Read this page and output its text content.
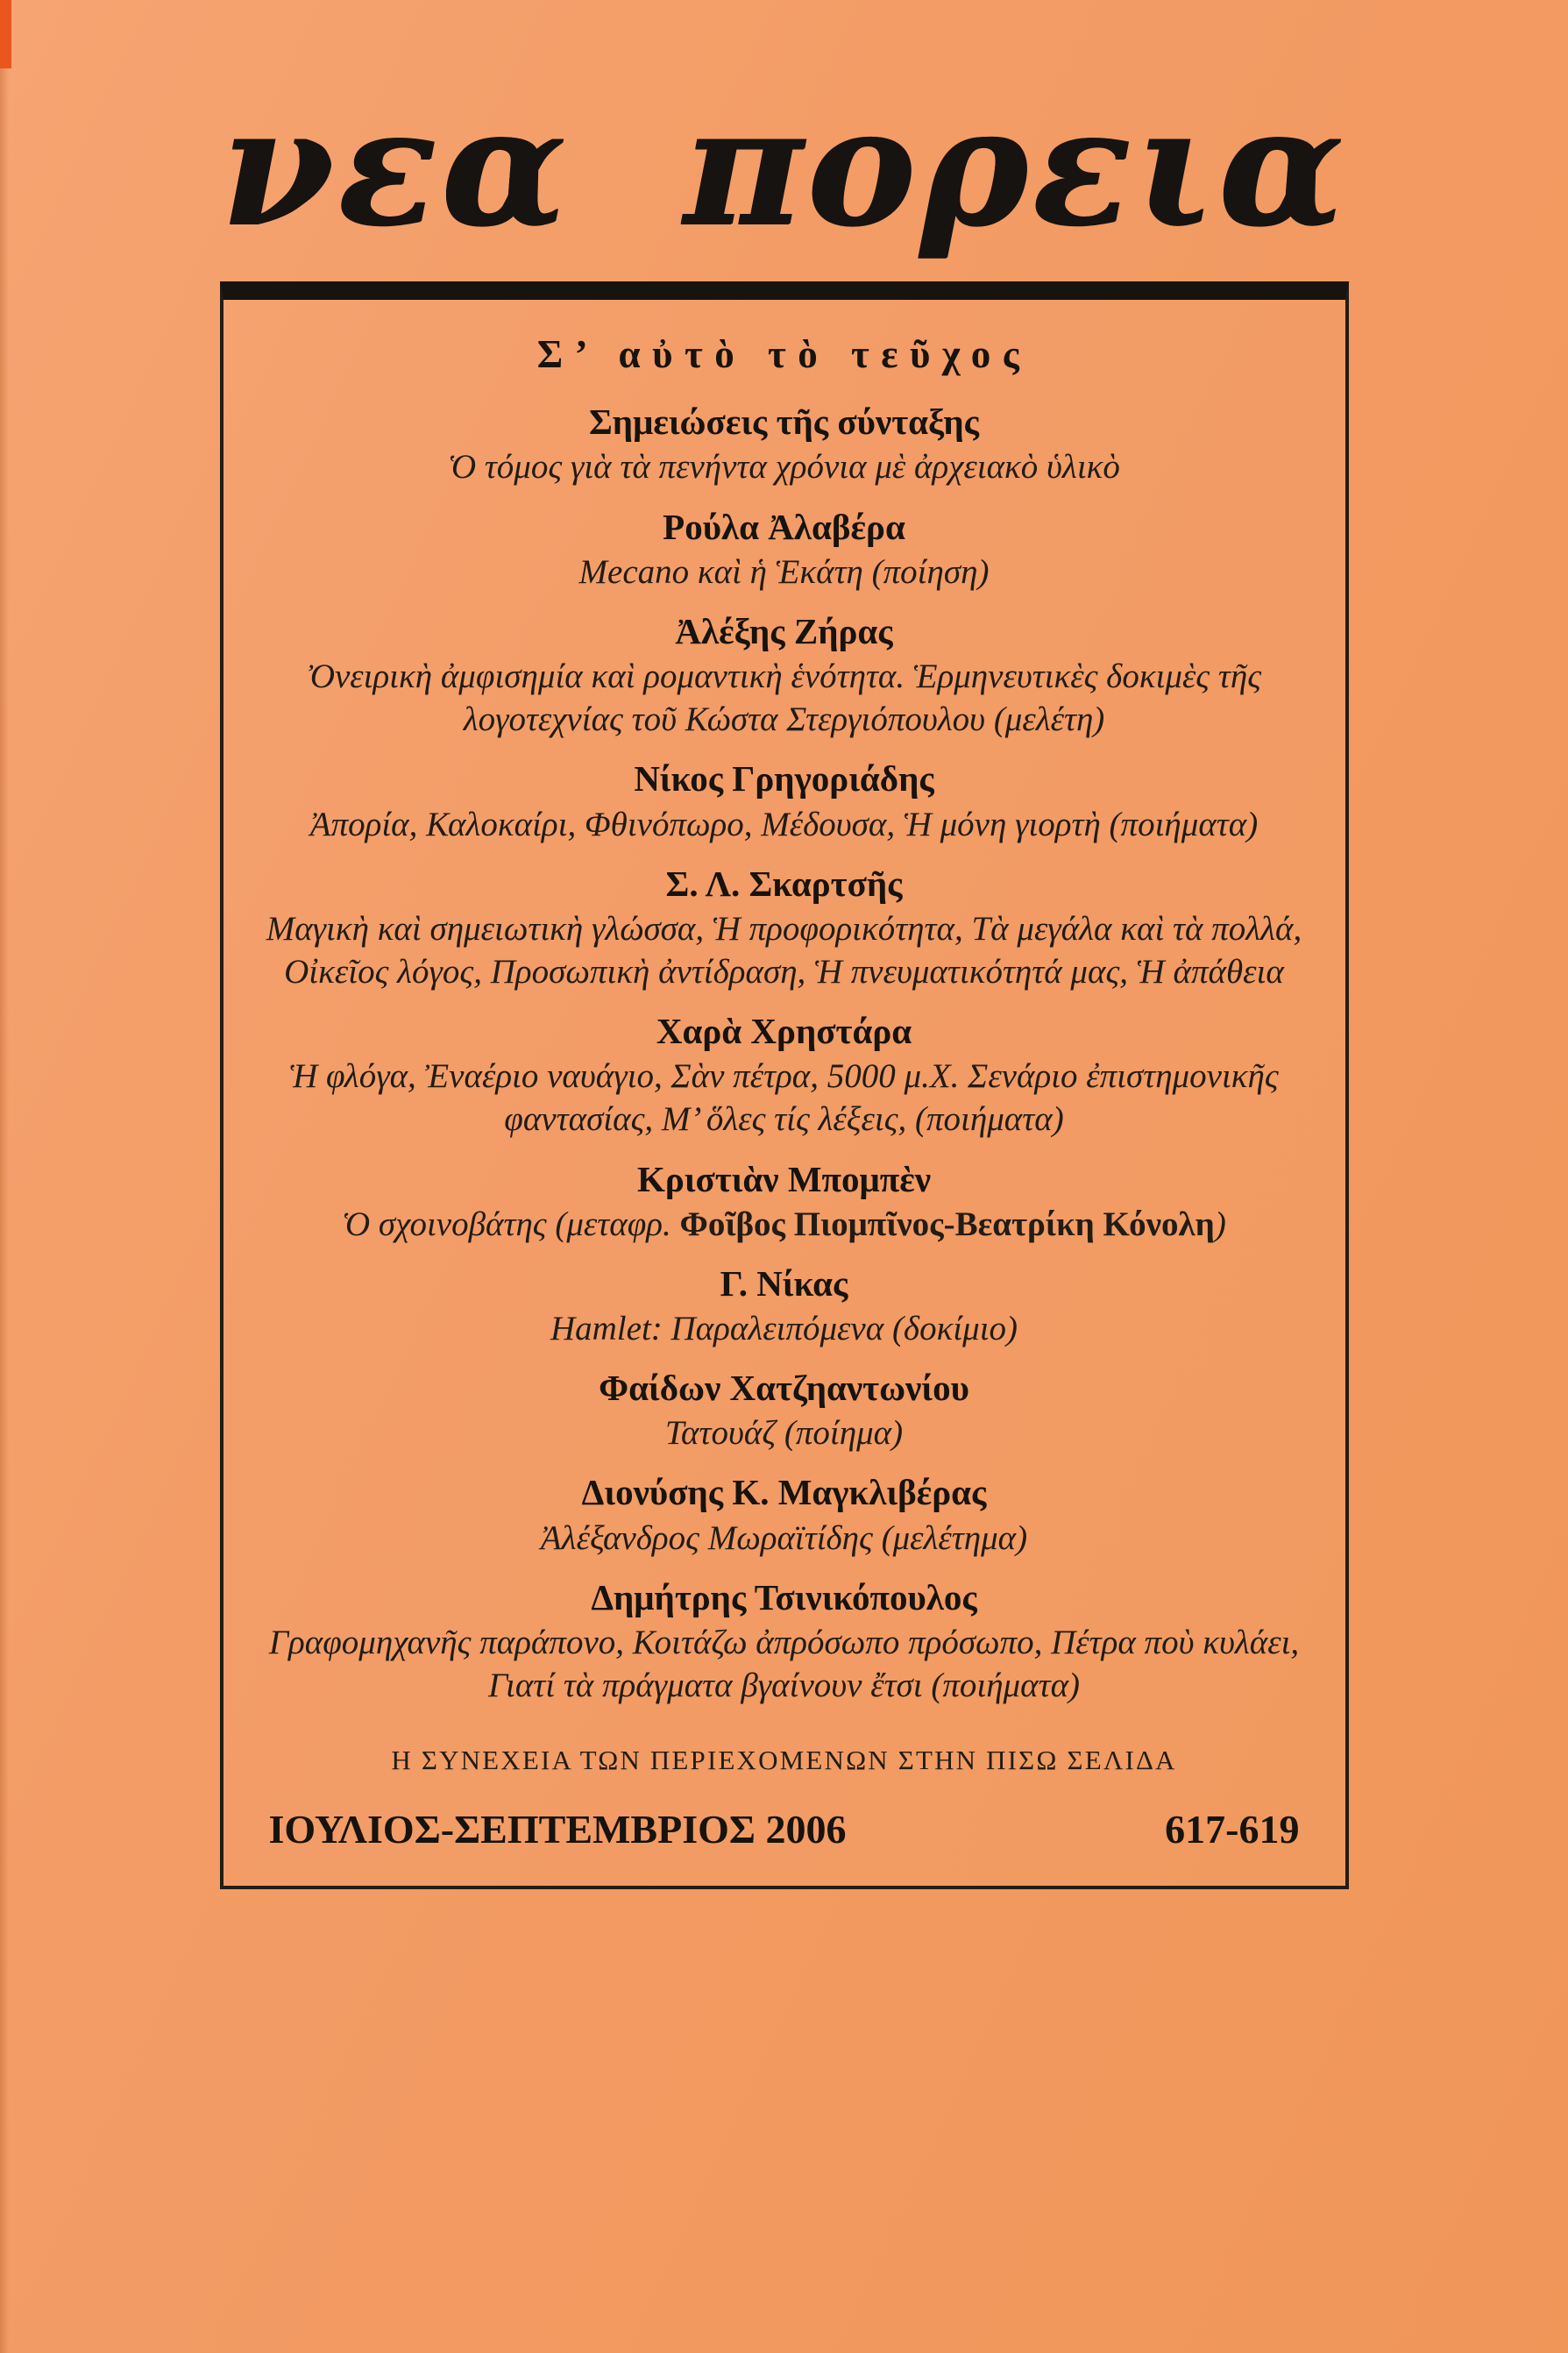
νεα πορεια
Σ’ αὐτὸ τὸ τεῦχος
Σημειώσεις τῆς σύνταξης
Ὁ τόμος γιὰ τὰ πενήντα χρόνια μὲ ἀρχειακὸ ὑλικὸ
Ρούλα Ἀλαβέρα
Mecano καὶ ἡ Ἑκάτη (ποίηση)
Ἀλέξης Ζήρας
Ὀνειρικὴ ἀμφισημία καὶ ρομαντικὴ ἑνότητα. Ἑρμηνευτικὲς δοκιμὲς τῆς λογοτεχνίας τοῦ Κώστα Στεργιόπουλου (μελέτη)
Νίκος Γρηγοριάδης
Ἀπορία, Καλοκαίρι, Φθινόπωρο, Μέδουσα, Ἡ μόνη γιορτὴ (ποιήματα)
Σ. Λ. Σκαρτσῆς
Μαγικὴ καὶ σημειωτικὴ γλώσσα, Ἡ προφορικότητα, Τὰ μεγάλα καὶ τὰ πολλά, Οἰκεῖος λόγος, Προσωπικὴ ἀντίδραση, Ἡ πνευματικότητά μας, Ἡ ἀπάθεια
Χαρὰ Χρηστάρα
Ἡ φλόγα, Ἐναέριο ναυάγιο, Σὰν πέτρα, 5000 μ.Χ. Σενάριο ἐπιστημονικῆς φαντασίας, Μ’ ὅλες τίς λέξεις, (ποιήματα)
Κριστιὰν Μπομπὲν
Ὁ σχοινοβάτης (μεταφρ. Φοῖβος Πιομπῖνος-Βεατρίκη Κόνολη)
Γ. Νίκας
Hamlet: Παραλειπόμενα (δοκίμιο)
Φαίδων Χατζηαντωνίου
Τατουάζ (ποίημα)
Διονύσης Κ. Μαγκλιβέρας
Ἀλέξανδρος Μωραϊτίδης (μελέτημα)
Δημήτρης Τσινικόπουλος
Γραφομηχανῆς παράπονο, Κοιτάζω ἀπρόσωπο πρόσωπο, Πέτρα ποὺ κυλάει, Γιατί τὰ πράγματα βγαίνουν ἔτσι (ποιήματα)
Η ΣΥΝΕΧΕΙΑ ΤΩΝ ΠΕΡΙΕΧΟΜΕΝΩΝ ΣΤΗΝ ΠΙΣΩ ΣΕΛΙΔΑ
ΙΟΥΛΙΟΣ-ΣΕΠΤΕΜΒΡΙΟΣ 2006	617-619
